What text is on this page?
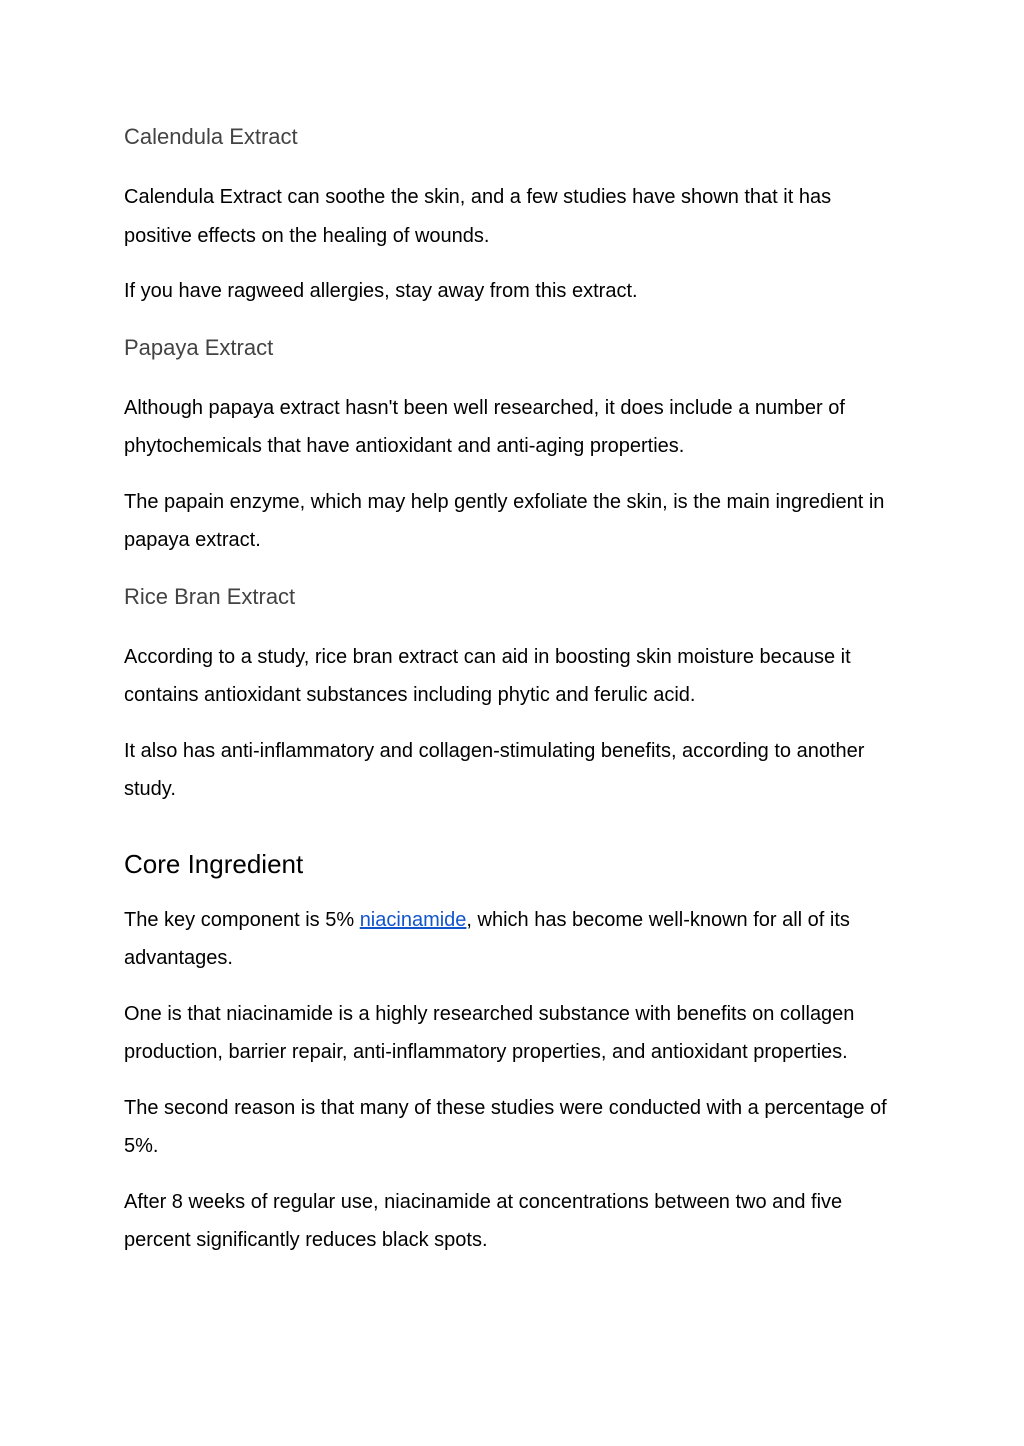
Calendula Extract

Calendula Extract can soothe the skin, and a few studies have shown that it has positive effects on the healing of wounds.

If you have ragweed allergies, stay away from this extract.

Papaya Extract

Although papaya extract hasn't been well researched, it does include a number of phytochemicals that have antioxidant and anti-aging properties.

The papain enzyme, which may help gently exfoliate the skin, is the main ingredient in papaya extract.

Rice Bran Extract

According to a study, rice bran extract can aid in boosting skin moisture because it contains antioxidant substances including phytic and ferulic acid.

It also has anti-inflammatory and collagen-stimulating benefits, according to another study.

Core Ingredient

The key component is 5% niacinamide, which has become well-known for all of its advantages.

One is that niacinamide is a highly researched substance with benefits on collagen production, barrier repair, anti-inflammatory properties, and antioxidant properties.

The second reason is that many of these studies were conducted with a percentage of 5%.

After 8 weeks of regular use, niacinamide at concentrations between two and five percent significantly reduces black spots.
